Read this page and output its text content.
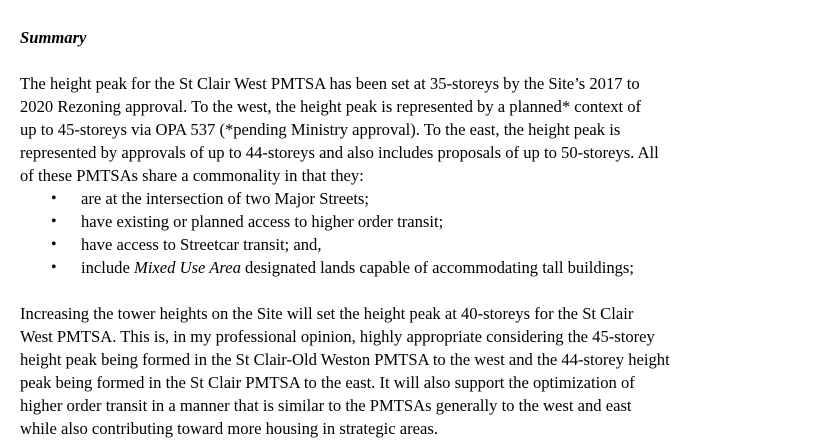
Summary

The height peak for the St Clair West PMTSA has been set at 35-storeys by the Site’s 2017 to
2020 Rezoning approval. To the west, the height peak is represented by a planned* context of
up to 45-storeys via OPA 537 (*pending Ministry approval). To the east, the height peak is
represented by approvals of up to 44-storeys and also includes proposals of up to 50-storeys. All
of these PMTSAs share a commonality in that they:

• are at the intersection of two Major Streets;
• have existing or planned access to higher order transit;
• have access to Streetcar transit; and,
• include Mixed Use Area designated lands capable of accommodating tall buildings;

Increasing the tower heights on the Site will set the height peak at 40-storeys for the St Clair
West PMTSA. This is, in my professional opinion, highly appropriate considering the 45-storey
height peak being formed in the St Clair-Old Weston PMTSA to the west and the 44-storey height
peak being formed in the St Clair PMTSA to the east. It will also support the optimization of
higher order transit in a manner that is similar to the PMTSAs generally to the west and east
while also contributing toward more housing in strategic areas.
